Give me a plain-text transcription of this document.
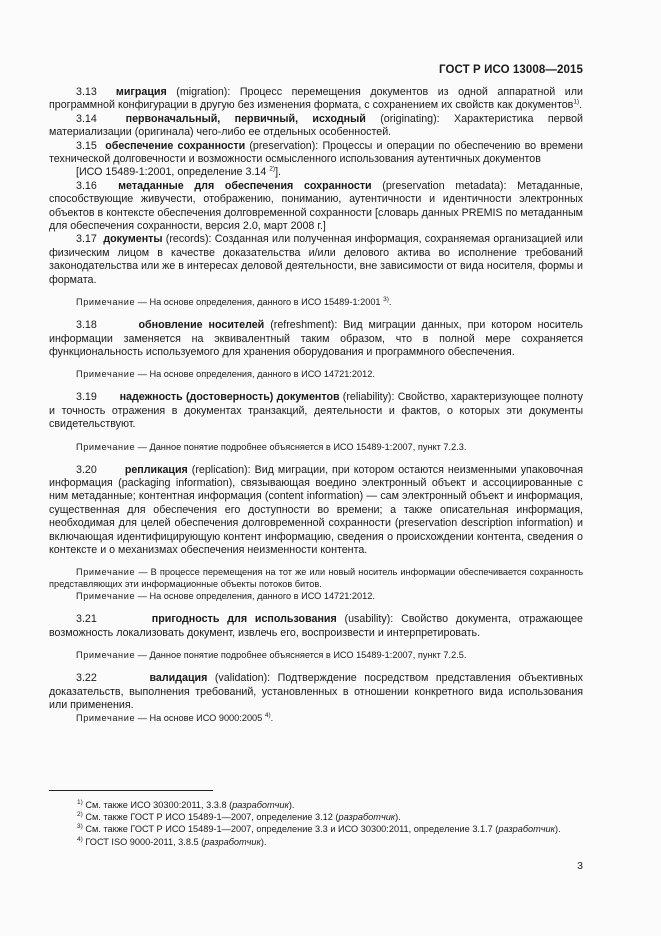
ГОСТ Р ИСО 13008—2015

3.13 миграция (migration): Процесс перемещения документов из одной аппаратной или программной конфигурации в другую без изменения формата, с сохранением их свойств как документов$^{1)}$.

3.14	первоначальный, первичный, исходный (originating): Характеристика первой материализации (оригинала) чего-либо ее отдельных особенностей.

3.15 обеспечение сохранности (preservation): Процессы и операции по обеспечению во времени технической долговечности и возможности осмысленного использования аутентичных документов

[ИСО 15489-1:2001, определение 3.14 $^{2)}$].

3.16 метаданные для обеспечения сохранности (preservation metadata): Метаданные, способствующие живучести, отображению, пониманию, аутентичности и идентичности электронных объектов в контексте обеспечения долговременной сохранности [словарь данных PREMIS по метаданным для обеспечения сохранности, версия 2.0, март 2008 г.]

3.17 документы (records): Созданная или полученная информация, сохраняемая организацией или физическим лицом в качестве доказательства и/или делового актива во исполнение требований законодательства или же в интересах деловой деятельности, вне зависимости от вида носителя, формы и формата.

Примечание — На основе определения, данного в ИСО 15489-1:2001 $^{3)}$.

3.18	обновление носителей (refreshment): Вид миграции данных, при котором носитель информации заменяется на эквивалентный таким образом, что в полной мере сохраняется функциональность используемого для хранения оборудования и программного обеспечения.

Примечание — На основе определения, данного в ИСО 14721:2012.

3.19 надежность (достоверность) документов (reliability): Свойство, характеризующее полноту и точность отражения в документах транзакций, деятельности и фактов, о которых эти документы свидетельствуют.

Примечание — Данное понятие подробнее объясняется в ИСО 15489-1:2007, пункт 7.2.3.

3.20	репликация (replication): Вид миграции, при котором остаются неизменными упаковочная информация (packaging information), связывающая воедино электронный объект и ассоциированные с ним метаданные; контентная информация (content information) — сам электронный объект и информация, существенная для обеспечения его доступности во времени; а также описательная информация, необходимая для целей обеспечения долговременной сохранности (preservation description information) и включающая идентифицирующую контент информацию, сведения о происхождении контента, сведения о контексте и о механизмах обеспечения неизменности контента.

Примечание — В процессе перемещения на тот же или новый носитель информации обеспечивается сохранность представляющих эти информационные объекты потоков битов.

Примечание — На основе определения, данного в ИСО 14721:2012.

3.21	пригодность для использования (usability): Свойство документа, отражающее возможность локализовать документ, извлечь его, воспроизвести и интерпретировать.

Примечание — Данное понятие подробнее объясняется в ИСО 15489-1:2007, пункт 7.2.5.

3.22	валидация (validation): Подтверждение посредством представления объективных доказательств, выполнения требований, установленных в отношении конкретного вида использования или применения.

Примечание — На основе ИСО 9000:2005 $^{4)}$.

$^{1)}$ См. также ИСО 30300:2011, 3.3.8 (разработчик).

$^{2)}$ См. также ГОСТ Р ИСО 15489-1—2007, определение 3.12 (разработчик).

$^{3)}$ См. также ГОСТ Р ИСО 15489-1—2007, определение 3.3 и ИСО 30300:2011, определение 3.1.7 (разработчик).

$^{4)}$ ГОСТ ISO 9000-2011, 3.8.5 (разработчик).

3
